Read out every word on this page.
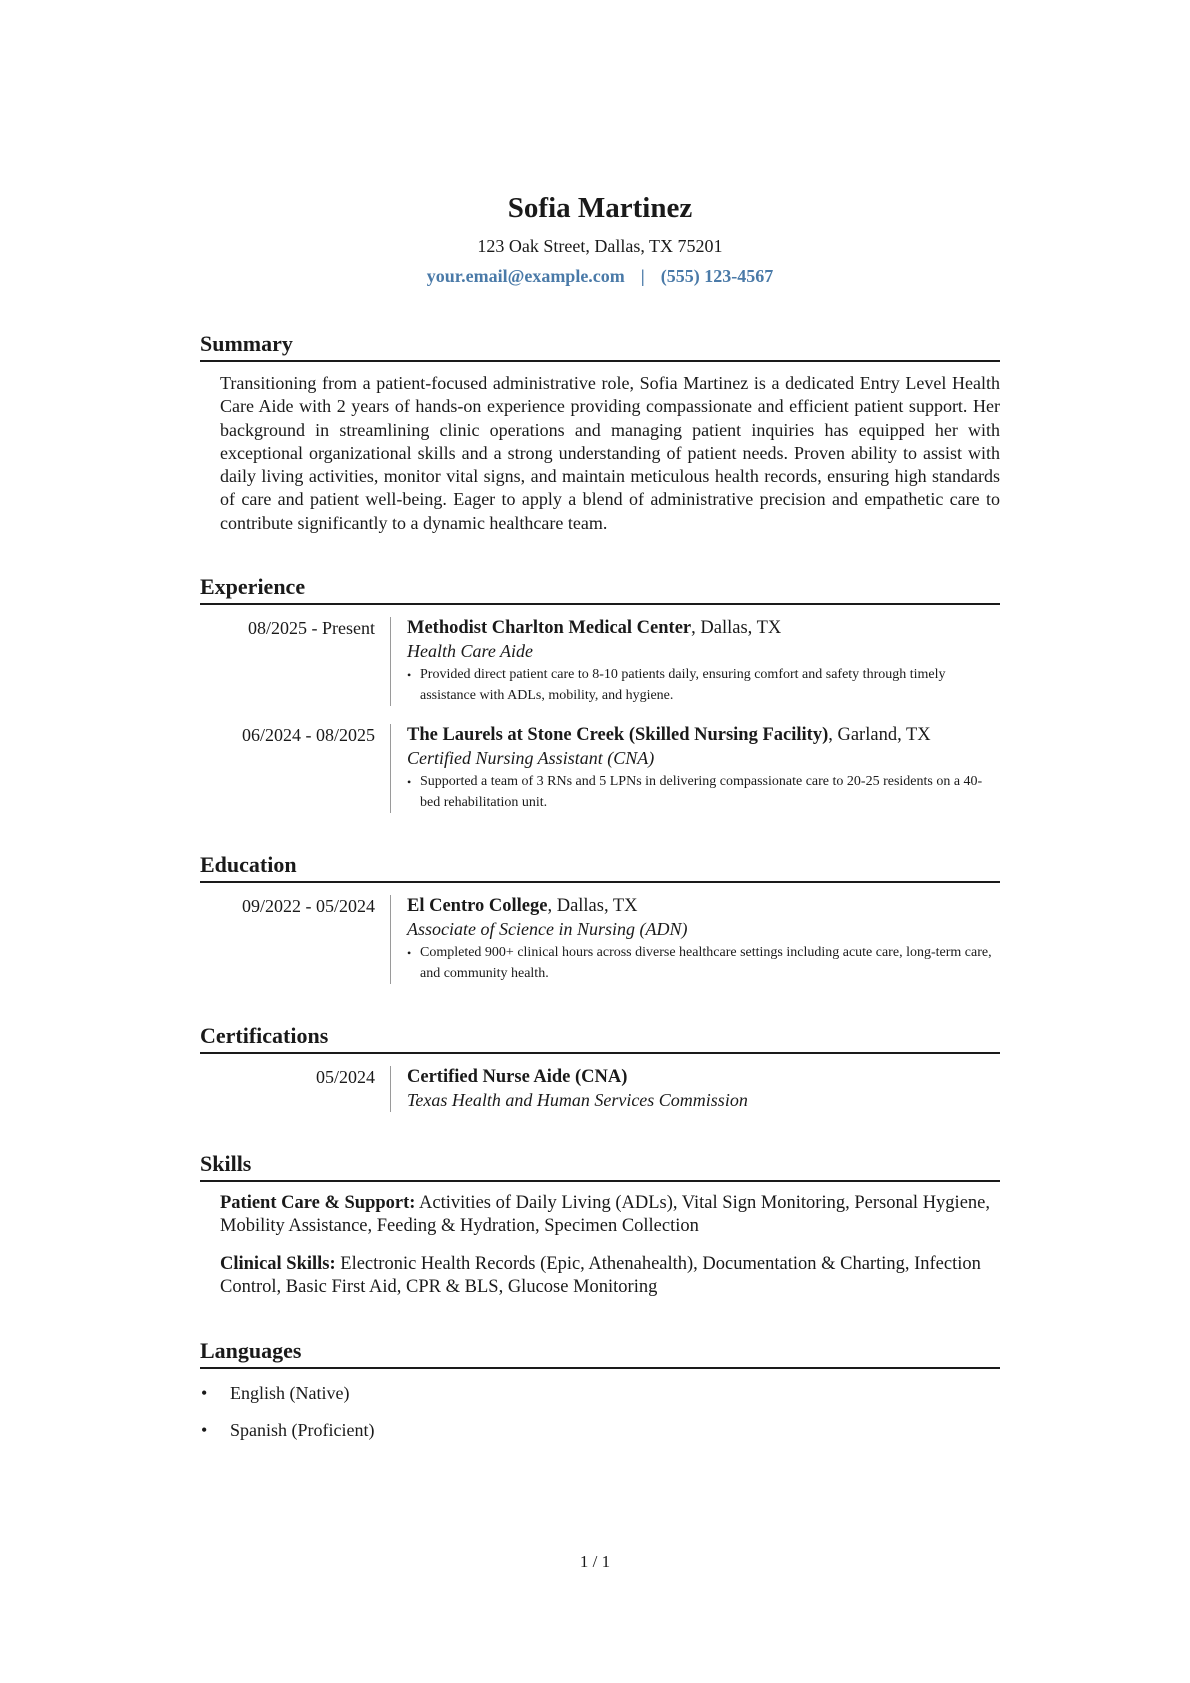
Sofia Martinez
123 Oak Street, Dallas, TX 75201
your.email@example.com | (555) 123-4567
Summary

Transitioning from a patient-focused administrative role, Sofia Martinez is a dedicated Entry Level Health Care Aide with 2 years of hands-on experience providing compassionate and efficient patient support. Her background in streamlining clinic operations and managing patient inquiries has equipped her with exceptional organizational skills and a strong understanding of patient needs. Proven ability to assist with daily living activities, monitor vital signs, and maintain meticulous health records, ensuring high standards of care and patient well-being. Eager to apply a blend of administrative precision and empathetic care to contribute significantly to a dynamic healthcare team.

Experience
08/2025 - Present	Methodist Charlton Medical Center, Dallas, TX
Health Care Aide
• Provided direct patient care to 8-10 patients daily, ensuring comfort and safety through timely assistance with ADLs, mobility, and hygiene.
06/2024 - 08/2025	The Laurels at Stone Creek (Skilled Nursing Facility), Garland, TX
Certified Nursing Assistant (CNA)
• Supported a team of 3 RNs and 5 LPNs in delivering compassionate care to 20-25 residents on a 40-bed rehabilitation unit.
Education
09/2022 - 05/2024	El Centro College, Dallas, TX
Associate of Science in Nursing (ADN)
• Completed 900+ clinical hours across diverse healthcare settings including acute care, long-term care, and community health.
Certifications
05/2024	Certified Nurse Aide (CNA)
Texas Health and Human Services Commission
Skills
Patient Care & Support: Activities of Daily Living (ADLs), Vital Sign Monitoring, Personal Hygiene, Mobility Assistance, Feeding & Hydration, Specimen Collection
Clinical Skills: Electronic Health Records (Epic, Athenahealth), Documentation & Charting, Infection Control, Basic First Aid, CPR & BLS, Glucose Monitoring
Languages
• English (Native)
• Spanish (Proficient)
1 / 1
